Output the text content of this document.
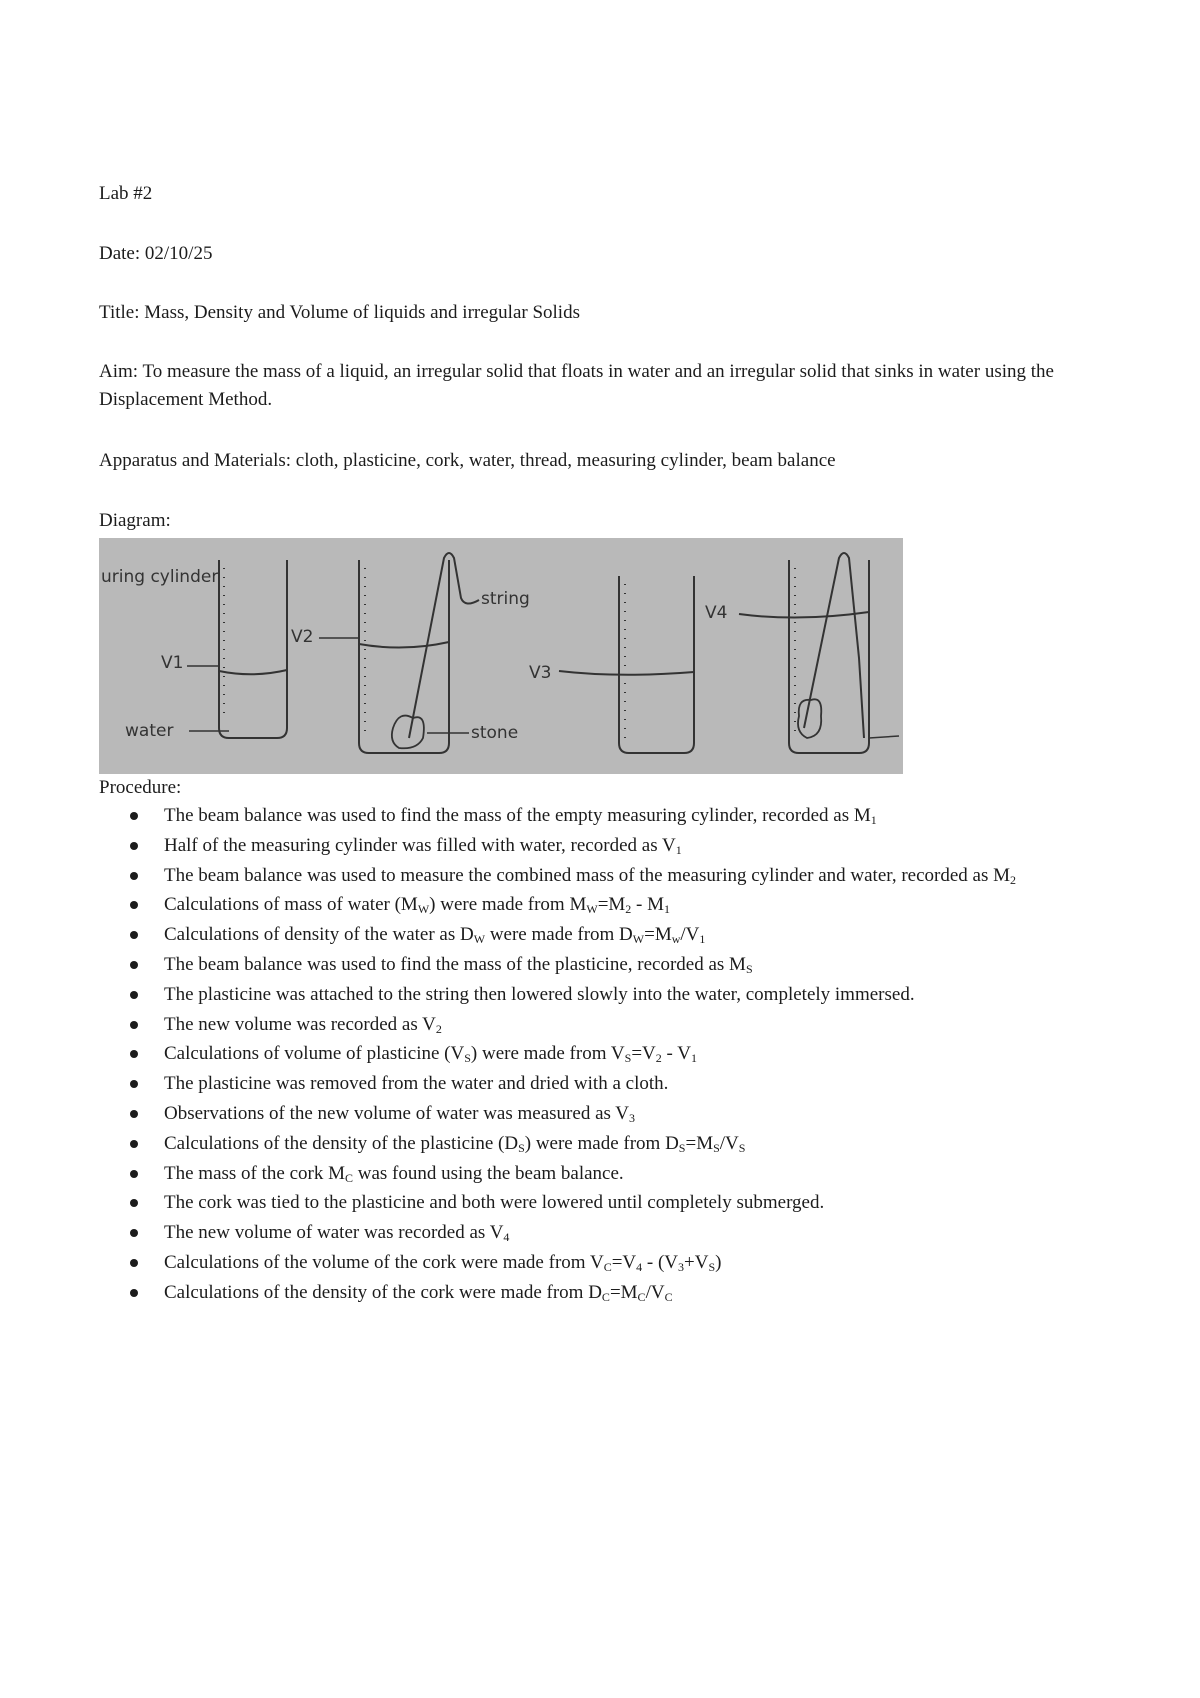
Lab #2
Date: 02/10/25
Title: Mass, Density and Volume of liquids and irregular Solids
Aim: To measure the mass of a liquid, an irregular solid that floats in water and an irregular solid that sinks in water using the Displacement Method.
Apparatus and Materials: cloth, plasticine, cork, water, thread, measuring cylinder, beam balance
Diagram:
uring cylinder
V1
water
V2
string
stone
V3
V4
Procedure:
The beam balance was used to find the mass of the empty measuring cylinder, recorded as $M_1$
Half of the measuring cylinder was filled with water, recorded as $V_1$
The beam balance was used to measure the combined mass of the measuring cylinder and water, recorded as $M_2$
Calculations of mass of water $(M_W)$ were made from $M_W=M_2 - M_1$
Calculations of density of the water as $D_W$ were made from $D_W=M_w/V_1$
The beam balance was used to find the mass of the plasticine, recorded as $M_S$
The plasticine was attached to the string then lowered slowly into the water, completely immersed.
The new volume was recorded as $V_2$
Calculations of volume of plasticine $(V_S)$ were made from $V_S=V_2 - V_1$
The plasticine was removed from the water and dried with a cloth.
Observations of the new volume of water was measured as $V_3$
Calculations of the density of the plasticine $(D_S)$ were made from $D_S=M_S/V_S$
The mass of the cork $M_C$ was found using the beam balance.
The cork was tied to the plasticine and both were lowered until completely submerged.
The new volume of water was recorded as $V_4$
Calculations of the volume of the cork were made from $V_C=V_4 - (V_3+V_S)$
Calculations of the density of the cork were made from $D_C=M_C/V_C$
